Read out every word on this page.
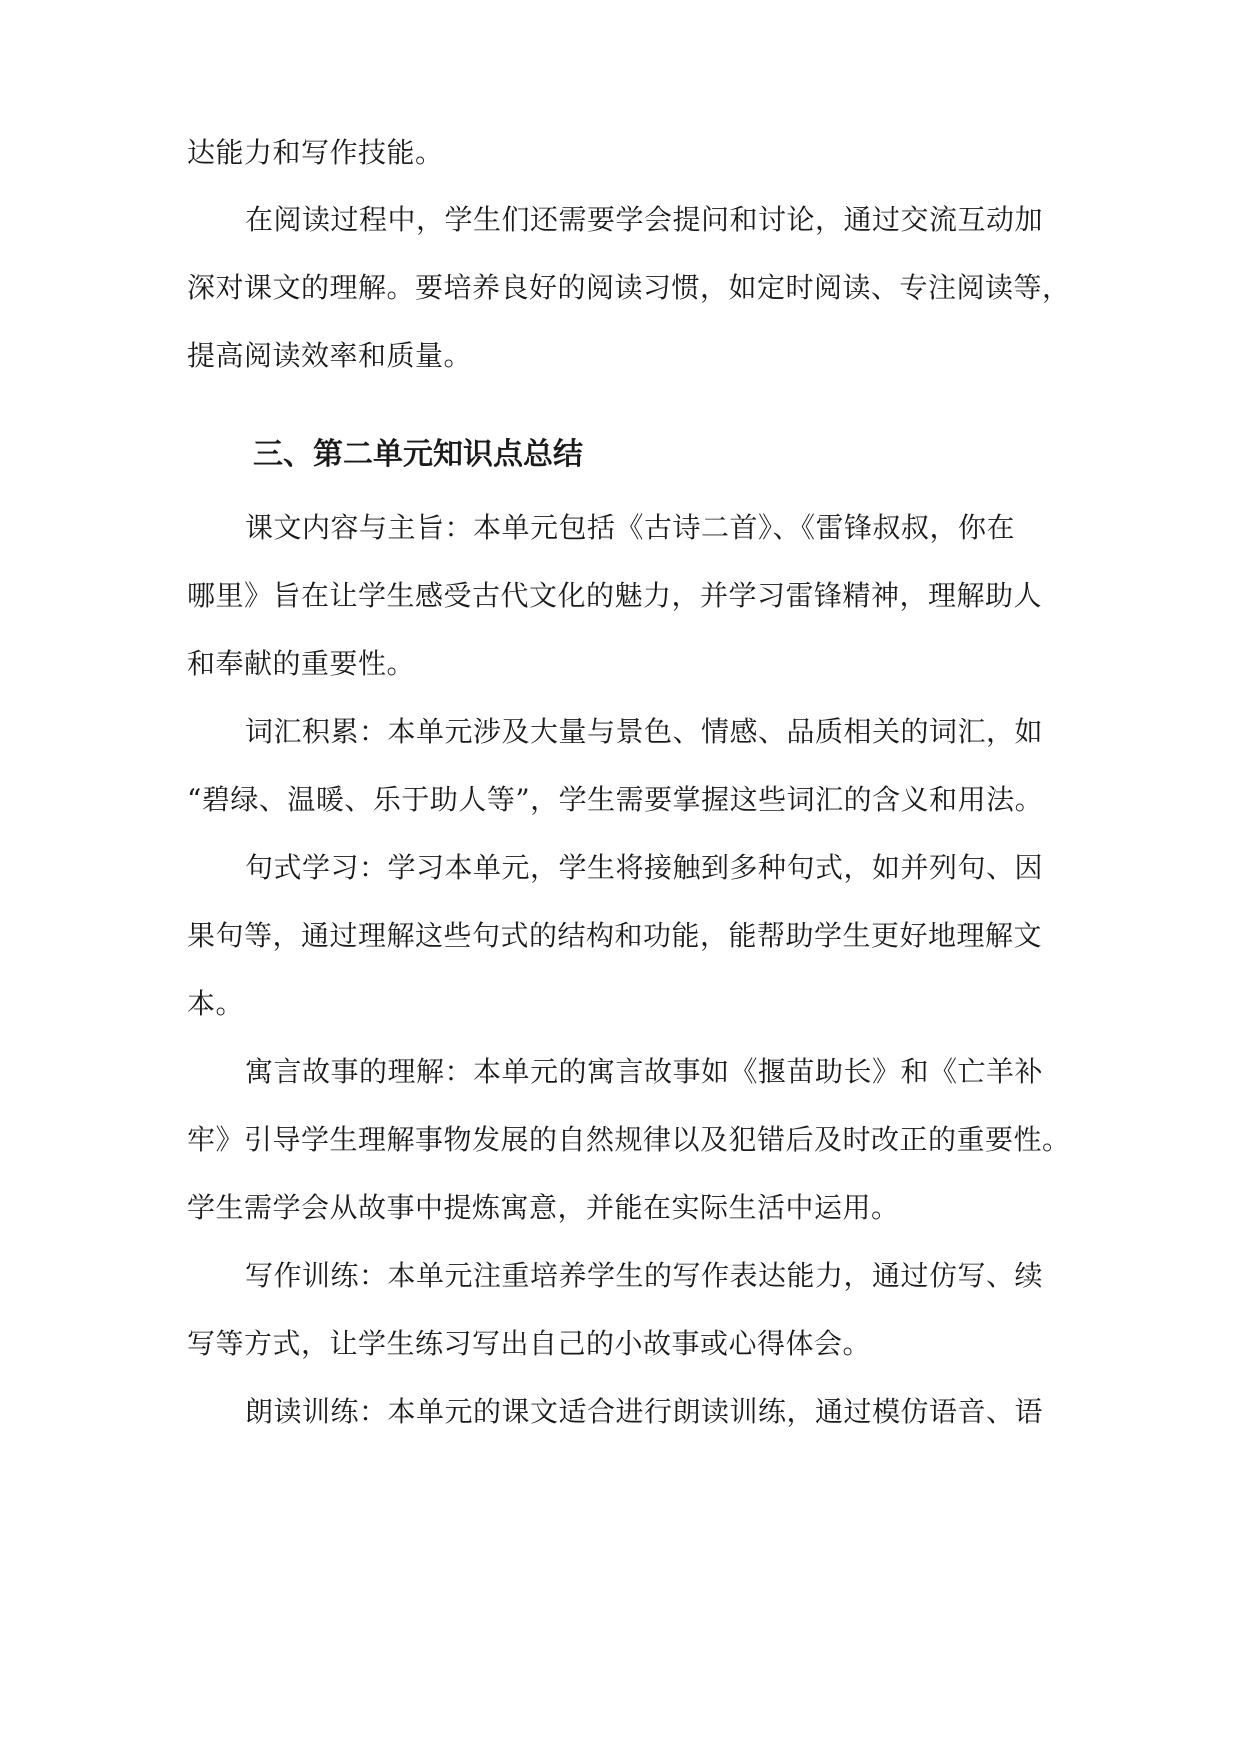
达能力和写作技能。
在阅读过程中，学生们还需要学会提问和讨论，通过交流互动加
深对课文的理解。要培养良好的阅读习惯，如定时阅读、专注阅读等，
提高阅读效率和质量。
三、第二单元知识点总结
课文内容与主旨：本单元包括《古诗二首》、《雷锋叔叔，你在
哪里》旨在让学生感受古代文化的魅力，并学习雷锋精神，理解助人
和奉献的重要性。
词汇积累：本单元涉及大量与景色、情感、品质相关的词汇，如
“碧绿、温暖、乐于助人等”，学生需要掌握这些词汇的含义和用法。
句式学习：学习本单元，学生将接触到多种句式，如并列句、因
果句等，通过理解这些句式的结构和功能，能帮助学生更好地理解文
本。
寓言故事的理解：本单元的寓言故事如《揠苗助长》和《亡羊补
牢》引导学生理解事物发展的自然规律以及犯错后及时改正的重要性。
学生需学会从故事中提炼寓意，并能在实际生活中运用。
写作训练：本单元注重培养学生的写作表达能力，通过仿写、续
写等方式，让学生练习写出自己的小故事或心得体会。
朗读训练：本单元的课文适合进行朗读训练，通过模仿语音、语
